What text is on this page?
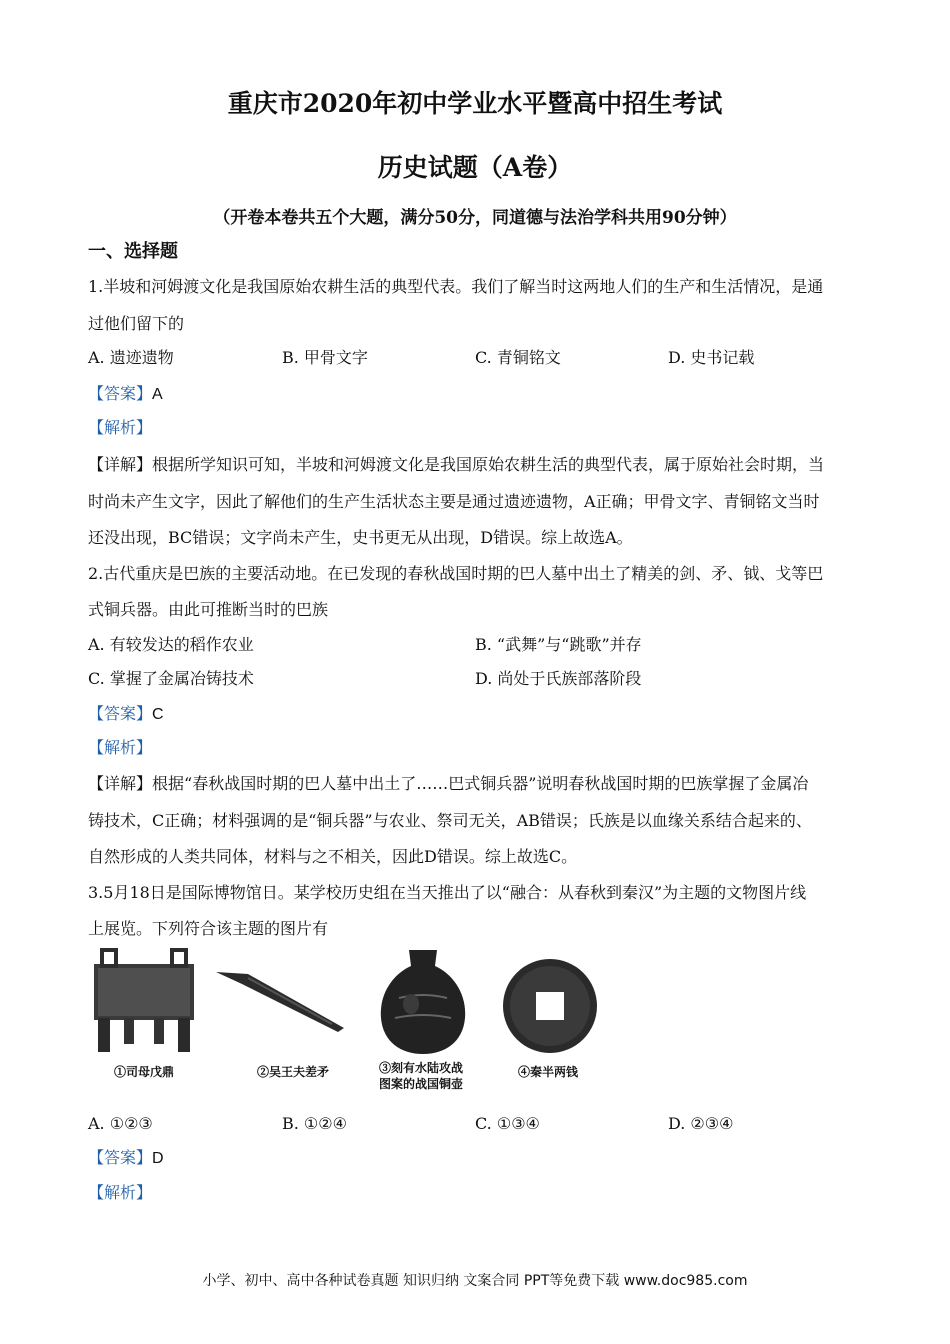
重庆市2020年初中学业水平暨高中招生考试
历史试题（A卷）
（开卷本卷共五个大题，满分50分，同道德与法治学科共用90分钟）
一、选择题
1.半坡和河姆渡文化是我国原始农耕生活的典型代表。我们了解当时这两地人们的生产和生活情况，是通
过他们留下的
A. 遗迹遗物	B. 甲骨文字	C. 青铜铭文	D. 史书记载
【答案】A
【解析】
【详解】根据所学知识可知，半坡和河姆渡文化是我国原始农耕生活的典型代表，属于原始社会时期，当
时尚未产生文字，因此了解他们的生产生活状态主要是通过遗迹遗物，A正确；甲骨文字、青铜铭文当时
还没出现，BC错误；文字尚未产生，史书更无从出现，D错误。综上故选A。
2.古代重庆是巴族的主要活动地。在已发现的春秋战国时期的巴人墓中出土了精美的剑、矛、钺、戈等巴
式铜兵器。由此可推断当时的巴族
A. 有较发达的稻作农业	B. “武舞”与“跳歌”并存
C. 掌握了金属冶铸技术	D. 尚处于氏族部落阶段
【答案】C
【解析】
【详解】根据“春秋战国时期的巴人墓中出土了……巴式铜兵器”说明春秋战国时期的巴族掌握了金属冶
铸技术，C正确；材料强调的是“铜兵器”与农业、祭司无关，AB错误；氏族是以血缘关系结合起来的、
自然形成的人类共同体，材料与之不相关，因此D错误。综上故选C。
3.5月18日是国际博物馆日。某学校历史组在当天推出了以“融合：从春秋到秦汉”为主题的文物图片线
上展览。下列符合该主题的图片有
①司母戊鼎	②吴王夫差矛	③刻有水陆攻战
图案的战国铜壶
④秦半两钱
A. ①②③	B. ①②④	C. ①③④	D. ②③④
【答案】D
【解析】
小学、初中、高中各种试卷真题 知识归纳 文案合同 PPT等免费下载 www.doc985.com
